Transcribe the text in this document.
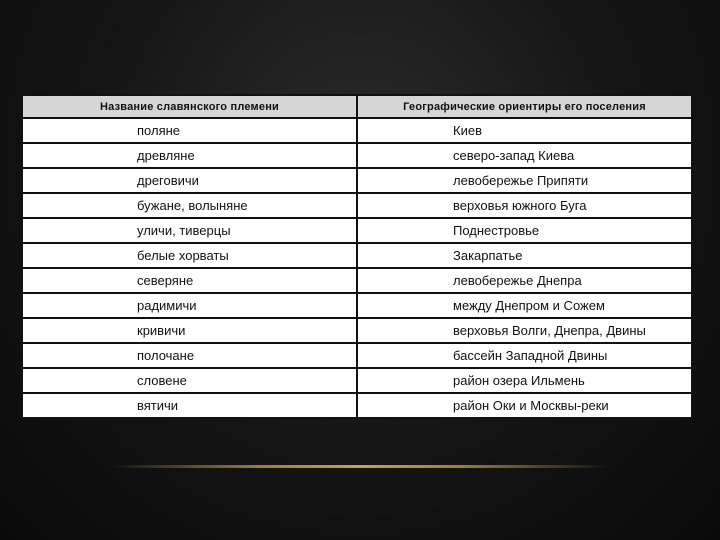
Название славянского племени	Географические ориентиры его поселения
поляне	Киев
древляне	северо-запад Киева
дреговичи	левобережье Припяти
бужане, волыняне	верховья южного Буга
уличи, тиверцы	Поднестровье
белые хорваты	Закарпатье
северяне	левобережье Днепра
радимичи	между Днепром и Сожем
кривичи	верховья Волги, Днепра, Двины
полочане	бассейн Западной Двины
словене	район озера Ильмень
вятичи	район Оки и Москвы-реки
